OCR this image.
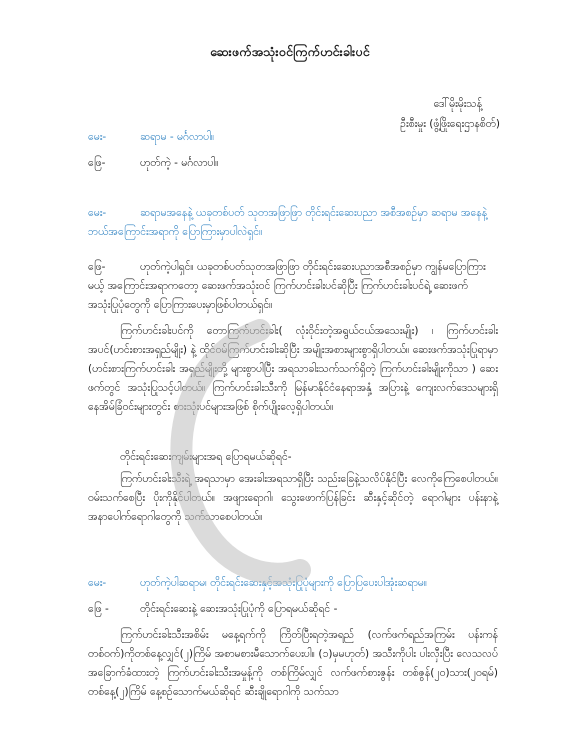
ဆေးဖက်အသုံးဝင်ကြက်ဟင်းခါးပင်
ဒေါ်မိုးမိုးသန့်
ဦးစီးမှုး (ဖွံ့ဖြိုးရေးဌာနစိတ်)
မေး-	ဆရာမ - မင်္ဂလာပါ။
ဖြေ-	ဟုတ်ကဲ့ - မင်္ဂလာပါ။
မေး-	ဆရာမအနေနဲ့ ယခုတစ်ပတ် သုတအဖြာဖြာ တိုင်းရင်းဆေးပညာ အစီအစဉ်မှာ ဆရာမ အနေနဲ့ ဘယ်အကြောင်းအရာကို ပြောကြားမှာပါလဲရှင်။
ဖြေ-	ဟုတ်ကဲ့ပါရှင်။ ယခုတစ်ပတ်သုတအဖြာဖြာ တိုင်းရင်းဆေးပညာအစီအစဉ်မှာ ကျွန်မပြောကြားမယ့် အကြောင်းအရာကတော့ ဆေးဖက်အသုံးဝင် ကြက်ဟင်းခါးပင်ဆိုပြီး ကြက်ဟင်းခါးပင်ရဲ့ ဆေးဖက်အသုံးပြုပုံတွေကို ပြောကြားပေးမှာဖြစ်ပါတယ်ရှင်။
ကြက်ဟင်းခါးပင်ကို တောကြက်ဟင်းခါး( လုံးဝိုင်းတဲ့အရွယ်ငယ်အသေးမျိုး) ၊ ကြက်ဟင်းခါး အပင်(ဟင်းစားအရှည်မျိုး) နဲ့ ထိုင်ဝမ်ကြက်ဟင်းခါးဆိုပြီး အမျိုးအစားများစွာရှိပါတယ်။ ဆေးဖက်အသုံးပြုရာမှာ (ဟင်းစားကြက်ဟင်းခါး အရှည်မျိုးတို့ များစွာပါပြီး အရသာခါးသက်သက်ရှိတဲ့ ကြက်ဟင်းခါးမျိုးကိုသာ ) ဆေးဖက်တွင် အသုံးပြုသင့်ပါတယ်။ ကြက်ဟင်းခါးသီးကို မြန်မာနိုင်ငံနေရာအနှံ့ အပြားနဲ့ ကျေးလက်ဒေသများရှိ နေအိမ်ခြံဝင်းများတွင်း စားသုံးပင်များအဖြစ် စိုက်ပျိုးလေ့ရှိပါတယ်။
တိုင်းရင်းဆေးကျမ်းများအရ ပြောရမယ်ဆိုရင်-
ကြက်ဟင်းခါးသီးရဲ့ အရသာမှာ အေးခါးအရသာရှိပြီး သည်းခြေနဲ့သလိပ်နိုင်ပြီး လေကိုကြေစေပါတယ်။ ဝမ်းသက်စေပြီး ပိုးကိုနိုင်ပါတယ်။ အဖျားရောဂါ၊ သွေးဖောက်ပြန်ခြင်း ဆီးနှင့်ဆိုင်တဲ့ ရောဂါများ ပန်းနာနဲ့ အနာပေါက်ရောဂါတွေကို သက်သာစေပါတယ်။
မေး-	ဟုတ်ကဲ့ပါဆရာမ၊ တိုင်းရင်းဆေးနှင့်အသုံးပြုပုံများကို ပြောပြပေးပါအုံးဆရာမ။
ဖြေ -	တိုင်းရင်းဆေးနဲ့ ဆေးအသုံးပြုပုံကို ပြောရမယ်ဆိုရင် -
ကြက်ဟင်းခါးသီးအစိမ်း မနေ့ရက်ကို ကြိတ်ပြီးရတဲ့အရည် (လက်ဖက်ရည်အကြမ်း ပန်းကန်တစ်ဝက်)ကိုတစ်နေ့လျှင်(၂)ကြိမ် အစာမစားမီသောက်ပေးပါ။ (၁)မှမဟုတ်) အသီးကိုပါး ပါးလှီးပြီး လေသလပ်အခြောက်ခံထားတဲ့ ကြက်ဟင်းခါးသီးအမှုန့်ကို တစ်ကြိမ်လျှင် လက်ဖက်စားဇွန်း တစ်ဇွန်(၂၀)သား(၂၀ရမ်) တစ်နေ့(၂)ကြိမ် နေ့စဉ်သောက်မယ်ဆိုရင် ဆီးချိုရောဂါကို သက်သာ
